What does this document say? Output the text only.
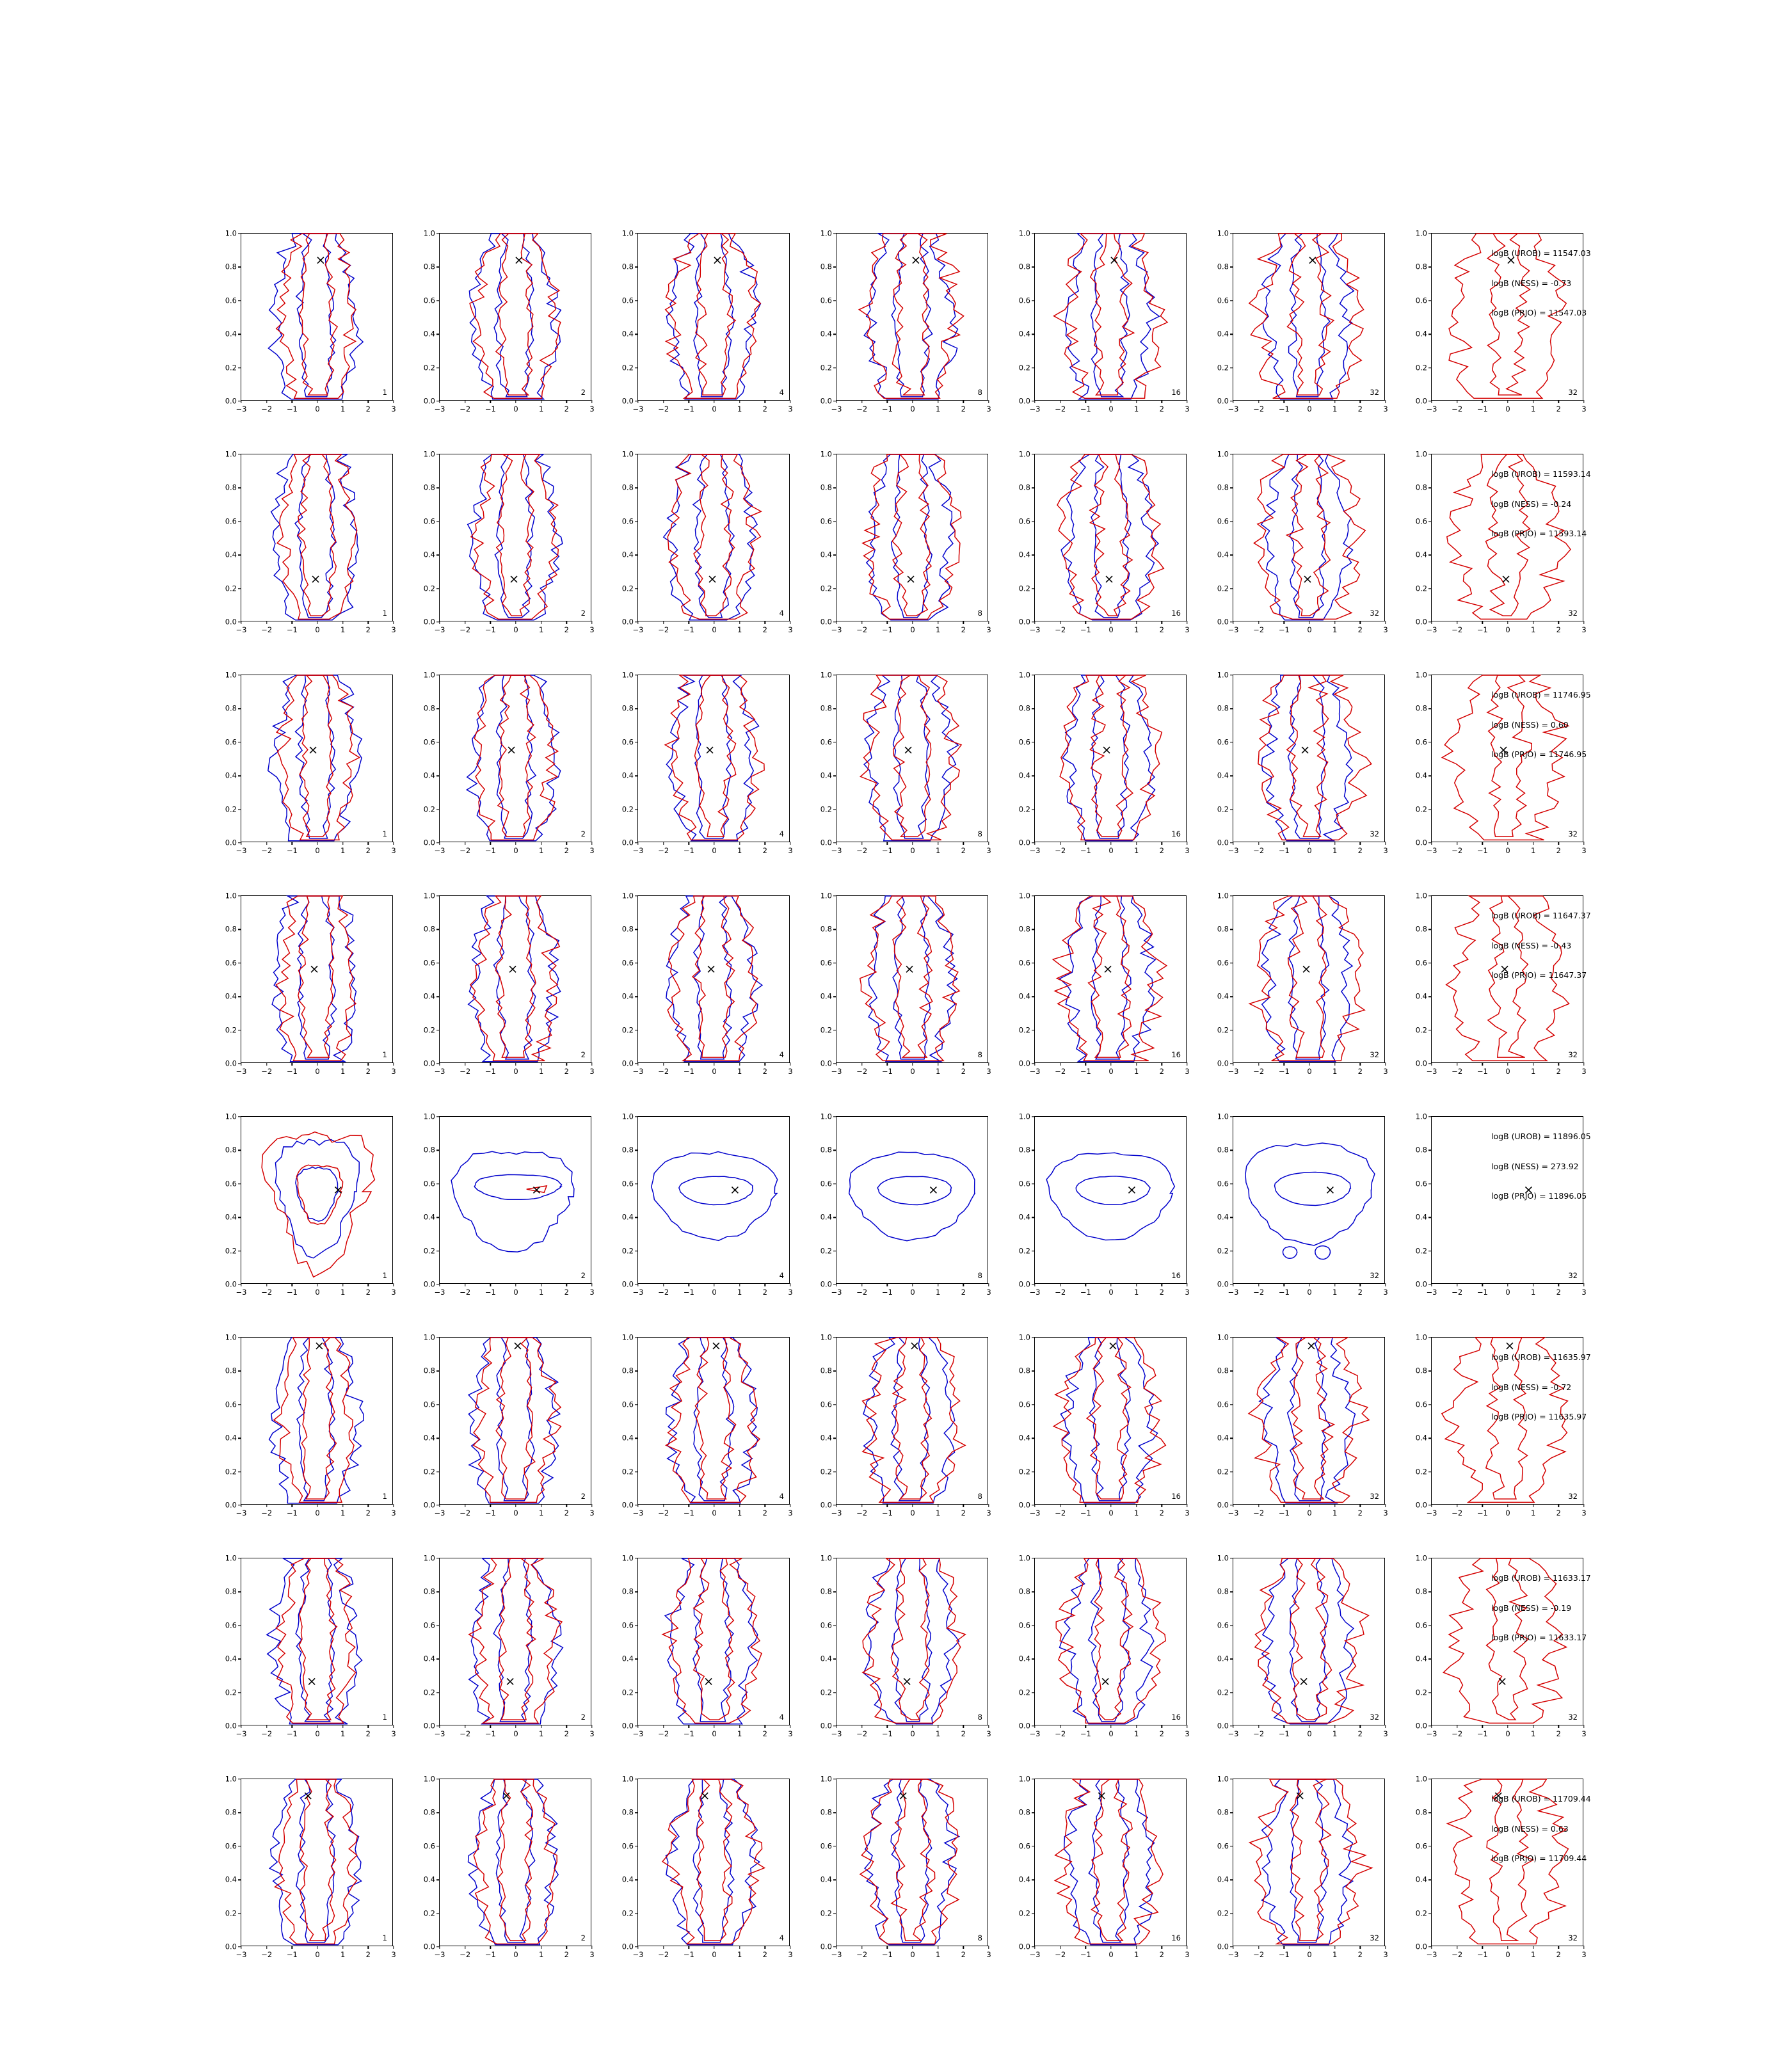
0.0
0.2
0.4
0.6
0.8
1.0
−3 −2 −1 0	1	2	3
1
0.0
0.2
0.4
0.6
0.8
1.0
−3 −2 −1 0	1	2	3
2
0.0
0.2
0.4
0.6
0.8
1.0
−3 −2 −1 0	1	2	3
4
0.0
0.2
0.4
0.6
0.8
1.0
−3 −2 −1 0	1	2	3
8
0.0
0.2
0.4
0.6
0.8
1.0
−3 −2 −1 0	1	2	3
16
0.0
0.2
0.4
0.6
0.8
1.0
−3 −2 −1 0	1	2	3
32
0.0
0.2
0.4
0.6
0.8
1.0
−3 −2 −1 0	1	2	3
32
0.0
0.2
0.4
0.6
0.8
1.0
−3 −2 −1 0	1	2	3
1
0.0
0.2
0.4
0.6
0.8
1.0
−3 −2 −1 0	1	2	3
2
0.0
0.2
0.4
0.6
0.8
1.0
−3 −2 −1 0	1	2	3
4
0.0
0.2
0.4
0.6
0.8
1.0
−3 −2 −1 0	1	2	3
8
0.0
0.2
0.4
0.6
0.8
1.0
−3 −2 −1 0	1	2	3
16
0.0
0.2
0.4
0.6
0.8
1.0
−3 −2 −1 0	1	2	3
32
0.0
0.2
0.4
0.6
0.8
1.0
−3 −2 −1 0	1	2	3
32
0.0
0.2
0.4
0.6
0.8
1.0
−3 −2 −1 0	1	2	3
1
0.0
0.2
0.4
0.6
0.8
1.0
−3 −2 −1 0	1	2	3
2
0.0
0.2
0.4
0.6
0.8
1.0
−3 −2 −1 0	1	2	3
4
0.0
0.2
0.4
0.6
0.8
1.0
−3 −2 −1 0	1	2	3
8
0.0
0.2
0.4
0.6
0.8
1.0
−3 −2 −1 0	1	2	3
16
0.0
0.2
0.4
0.6
0.8
1.0
−3 −2 −1 0	1	2	3
32
0.0
0.2
0.4
0.6
0.8
1.0
−3 −2 −1 0	1	2	3
32
0.0
0.2
0.4
0.6
0.8
1.0
−3 −2 −1 0	1	2	3
1
0.0
0.2
0.4
0.6
0.8
1.0
−3 −2 −1 0	1	2	3
2
0.0
0.2
0.4
0.6
0.8
1.0
−3 −2 −1 0	1	2	3
4
0.0
0.2
0.4
0.6
0.8
1.0
−3 −2 −1 0	1	2	3
8
0.0
0.2
0.4
0.6
0.8
1.0
−3 −2 −1 0	1	2	3
16
0.0
0.2
0.4
0.6
0.8
1.0
−3 −2 −1 0	1	2	3
32
0.0
0.2
0.4
0.6
0.8
1.0
−3 −2 −1 0	1	2	3
32
0.0
0.2
0.4
0.6
0.8
1.0
−3 −2 −1 0	1	2	3
1
0.0
0.2
0.4
0.6
0.8
1.0
−3 −2 −1 0	1	2	3
2
0.0
0.2
0.4
0.6
0.8
1.0
−3 −2 −1 0	1	2	3
4
0.0
0.2
0.4
0.6
0.8
1.0
−3 −2 −1 0	1	2	3
8
0.0
0.2
0.4
0.6
0.8
1.0
−3 −2 −1 0	1	2	3
16
0.0
0.2
0.4
0.6
0.8
1.0
−3 −2 −1 0	1	2	3
32
0.0
0.2
0.4
0.6
0.8
1.0
−3 −2 −1 0	1	2	3
32
0.0
0.2
0.4
0.6
0.8
1.0
−3 −2 −1 0	1	2	3
1
0.0
0.2
0.4
0.6
0.8
1.0
−3 −2 −1 0	1	2	3
2
0.0
0.2
0.4
0.6
0.8
1.0
−3 −2 −1 0	1	2	3
4
0.0
0.2
0.4
0.6
0.8
1.0
−3 −2 −1 0	1	2	3
8
0.0
0.2
0.4
0.6
0.8
1.0
−3 −2 −1 0	1	2	3
16
0.0
0.2
0.4
0.6
0.8
1.0
−3 −2 −1 0	1	2	3
32
0.0
0.2
0.4
0.6
0.8
1.0
−3 −2 −1 0	1	2	3
32
0.0
0.2
0.4
0.6
0.8
1.0
−3 −2 −1 0	1	2	3
1
0.0
0.2
0.4
0.6
0.8
1.0
−3 −2 −1 0	1	2	3
2
0.0
0.2
0.4
0.6
0.8
1.0
−3 −2 −1 0	1	2	3
4
0.0
0.2
0.4
0.6
0.8
1.0
−3 −2 −1 0	1	2	3
8
0.0
0.2
0.4
0.6
0.8
1.0
−3 −2 −1 0	1	2	3
16
0.0
0.2
0.4
0.6
0.8
1.0
−3 −2 −1 0	1	2	3
32
0.0
0.2
0.4
0.6
0.8
1.0
−3 −2 −1 0	1	2	3
32
0.0
0.2
0.4
0.6
0.8
1.0
−3 −2 −1 0	1	2	3
1
0.0
0.2
0.4
0.6
0.8
1.0
−3 −2 −1 0	1	2	3
2
0.0
0.2
0.4
0.6
0.8
1.0
−3 −2 −1 0	1	2	3
4
0.0
0.2
0.4
0.6
0.8
1.0
−3 −2 −1 0	1	2	3
8
0.0
0.2
0.4
0.6
0.8
1.0
−3 −2 −1 0	1	2	3
16
0.0
0.2
0.4
0.6
0.8
1.0
−3 −2 −1 0	1	2	3
32
0.0
0.2
0.4
0.6
0.8
1.0
−3 −2 −1 0	1	2	3
32
logB (UROB) = 11547.03
logB (NESS) = -0.73
logB (PRJO) = 11547.03
logB (UROB) = 11593.14
logB (NESS) = -0.24
logB (PRJO) = 11593.14
logB (UROB) = 11746.95
logB (NESS) = 0.60
logB (PRJO) = 11746.95
logB (UROB) = 11647.37
logB (NESS) = -0.43
logB (PRJO) = 11647.37
logB (UROB) = 11896.05
logB (NESS) = 273.92
logB (PRJO) = 11896.05
logB (UROB) = 11635.97
logB (NESS) = -0.72
logB (PRJO) = 11635.97
logB (UROB) = 11633.17
logB (NESS) = -0.19
logB (PRJO) = 11633.17
logB (UROB) = 11709.44
logB (NESS) = 0.63
logB (PRJO) = 11709.44
